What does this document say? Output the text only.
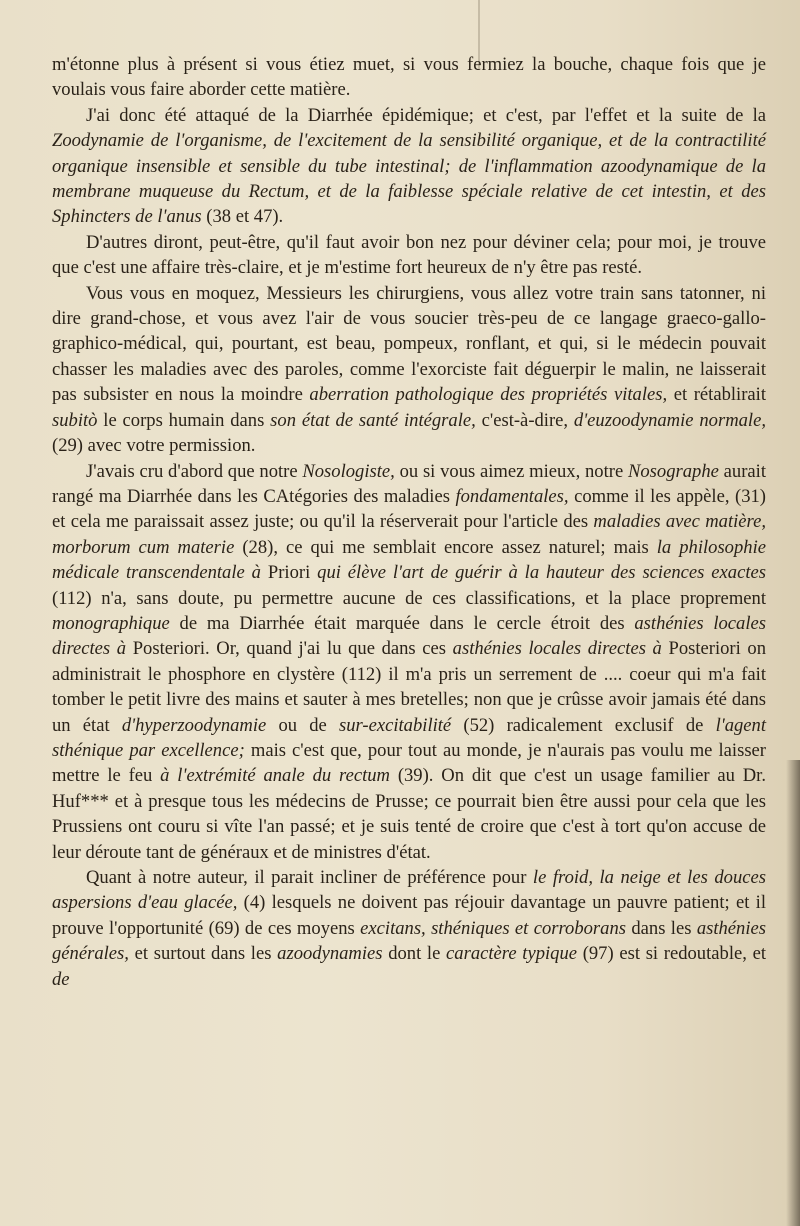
m'étonne plus à présent si vous étiez muet, si vous fermiez la bouche, chaque fois que je voulais vous faire aborder cette matière.

J'ai donc été attaqué de la Diarrhée épidémique; et c'est, par l'effet et la suite de la Zoodynamie de l'organisme, de l'excitement de la sensibilité organique, et de la contractilité organique insensible et sensible du tube intestinal; de l'inflammation azoodynamique de la membrane muqueuse du Rectum, et de la faiblesse spéciale relative de cet intestin, et des Sphincters de l'anus (38 et 47).

D'autres diront, peut-être, qu'il faut avoir bon nez pour déviner cela; pour moi, je trouve que c'est une affaire très-claire, et je m'estime fort heureux de n'y être pas resté.

Vous vous en moquez, Messieurs les chirurgiens, vous allez votre train sans tatonner, ni dire grand-chose, et vous avez l'air de vous soucier très-peu de ce langage graeco-gallo-graphico-médical, qui, pourtant, est beau, pompeux, ronflant, et qui, si le médecin pouvait chasser les maladies avec des paroles, comme l'exorciste fait déguerpir le malin, ne laisserait pas subsister en nous la moindre aberration pathologique des propriétés vitales, et rétablirait subitò le corps humain dans son état de santé intégrale, c'est-à-dire, d'euzoodynamie normale, (29) avec votre permission.

J'avais cru d'abord que notre Nosologiste, ou si vous aimez mieux, notre Nosographe aurait rangé ma Diarrhée dans les CAtégories des maladies fondamentales, comme il les appèle, (31) et cela me paraissait assez juste; ou qu'il la réserverait pour l'article des maladies avec matière, morborum cum materie (28), ce qui me semblait encore assez naturel; mais la philosophie médicale transcendentale à Priori qui élève l'art de guérir à la hauteur des sciences exactes (112) n'a, sans doute, pu permettre aucune de ces classifications, et la place proprement monographique de ma Diarrhée était marquée dans le cercle étroit des asthénies locales directes à Posteriori. Or, quand j'ai lu que dans ces asthénies locales directes à Posteriori on administrait le phosphore en clystère (112) il m'a pris un serrement de .... coeur qui m'a fait tomber le petit livre des mains et sauter à mes bretelles; non que je crûsse avoir jamais été dans un état d'hyperzoodynamie ou de sur-excitabilité (52) radicalement exclusif de l'agent sthénique par excellence; mais c'est que, pour tout au monde, je n'aurais pas voulu me laisser mettre le feu à l'extrémité anale du rectum (39). On dit que c'est un usage familier au Dr. Huf*** et à presque tous les médecins de Prusse; ce pourrait bien être aussi pour cela que les Prussiens ont couru si vîte l'an passé; et je suis tenté de croire que c'est à tort qu'on accuse de leur déroute tant de généraux et de ministres d'état.

Quant à notre auteur, il parait incliner de préférence pour le froid, la neige et les douces aspersions d'eau glacée, (4) lesquels ne doivent pas réjouir davantage un pauvre patient; et il prouve l'opportunité (69) de ces moyens excitans, sthéniques et corroborans dans les asthénies générales, et surtout dans les azoodynamies dont le caractère typique (97) est si redoutable, et de
